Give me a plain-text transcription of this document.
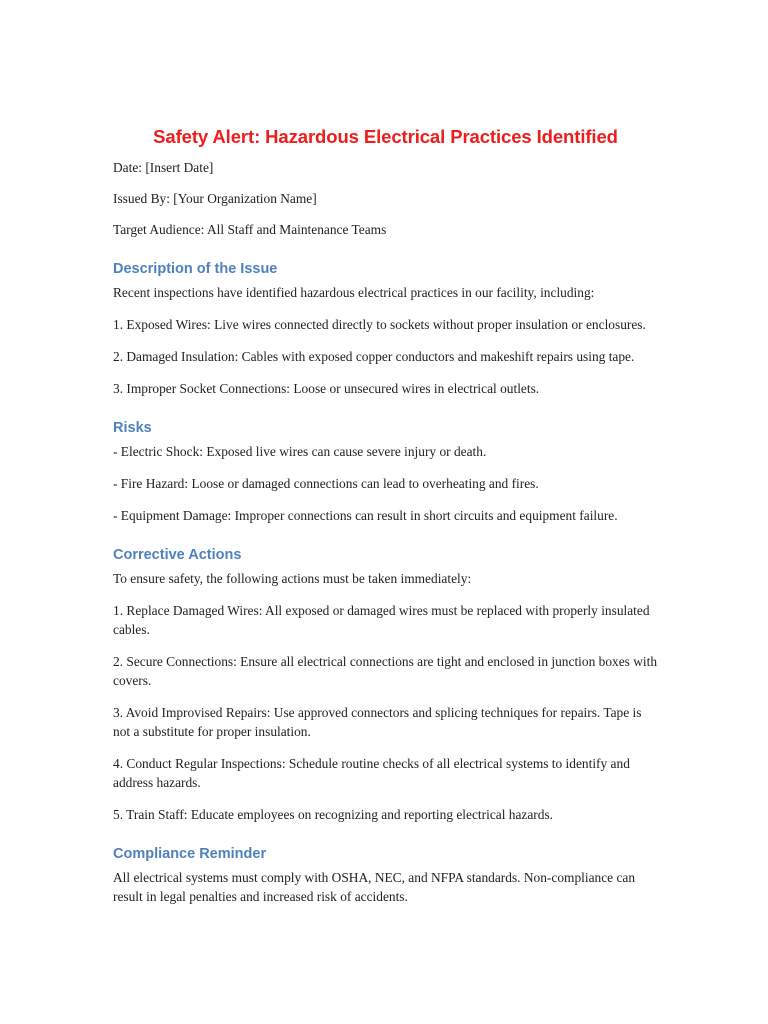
Safety Alert: Hazardous Electrical Practices Identified

Date: [Insert Date]

Issued By: [Your Organization Name]

Target Audience: All Staff and Maintenance Teams

Description of the Issue

Recent inspections have identified hazardous electrical practices in our facility, including:

1. Exposed Wires: Live wires connected directly to sockets without proper insulation or enclosures.

2. Damaged Insulation: Cables with exposed copper conductors and makeshift repairs using tape.

3. Improper Socket Connections: Loose or unsecured wires in electrical outlets.

Risks

- Electric Shock: Exposed live wires can cause severe injury or death.

- Fire Hazard: Loose or damaged connections can lead to overheating and fires.

- Equipment Damage: Improper connections can result in short circuits and equipment failure.

Corrective Actions

To ensure safety, the following actions must be taken immediately:

1. Replace Damaged Wires: All exposed or damaged wires must be replaced with properly insulated cables.

2. Secure Connections: Ensure all electrical connections are tight and enclosed in junction boxes with covers.

3. Avoid Improvised Repairs: Use approved connectors and splicing techniques for repairs. Tape is not a substitute for proper insulation.

4. Conduct Regular Inspections: Schedule routine checks of all electrical systems to identify and address hazards.

5. Train Staff: Educate employees on recognizing and reporting electrical hazards.

Compliance Reminder

All electrical systems must comply with OSHA, NEC, and NFPA standards. Non-compliance can result in legal penalties and increased risk of accidents.
